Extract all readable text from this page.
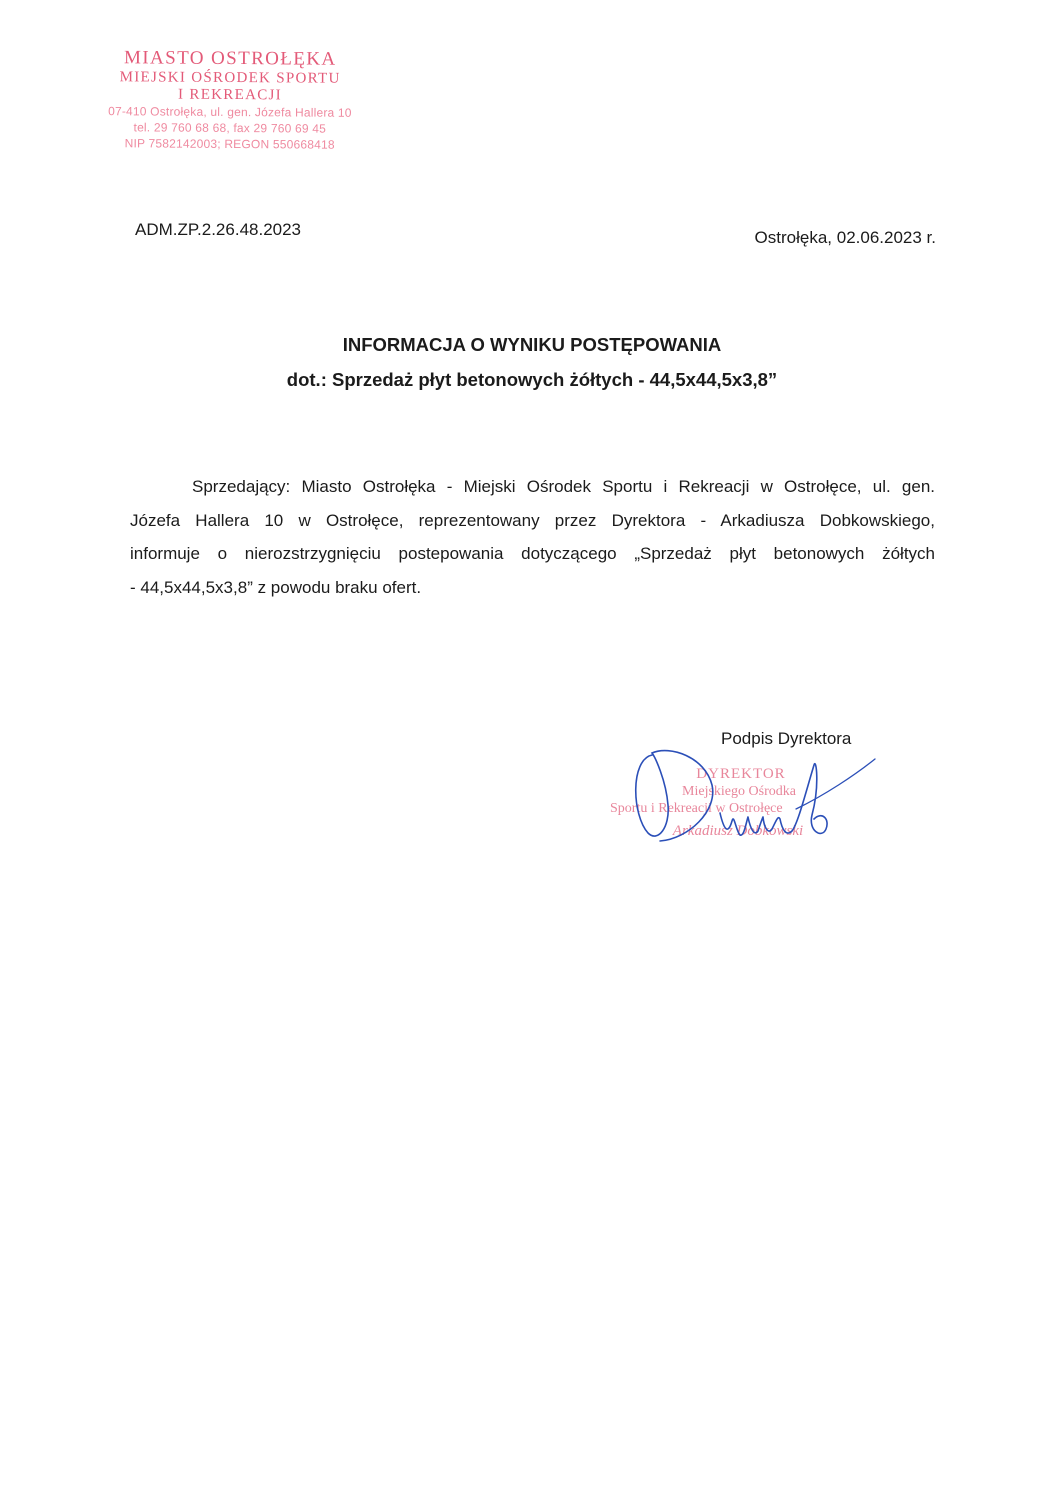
MIASTO OSTROŁĘKA
MIEJSKI OŚRODEK SPORTU
I REKREACJI
07-410 Ostrołęka, ul. gen. Józefa Hallera 10
tel. 29 760 68 68, fax 29 760 69 45
NIP 7582142003; REGON 550668418
ADM.ZP.2.26.48.2023	Ostrołęka, 02.06.2023 r.
INFORMACJA O WYNIKU POSTĘPOWANIA
dot.: Sprzedaż płyt betonowych żółtych - 44,5x44,5x3,8”
Sprzedający: Miasto Ostrołęka - Miejski Ośrodek Sportu i Rekreacji w Ostrołęce, ul. gen.
Józefa Hallera 10 w Ostrołęce, reprezentowany przez Dyrektora - Arkadiusza Dobkowskiego,
informuje o nierozstrzygnięciu postepowania dotyczącego „Sprzedaż płyt betonowych żółtych
- 44,5x44,5x3,8” z powodu braku ofert.
Podpis Dyrektora
DYREKTOR
Miejskiego Ośrodka
Sportu i Rekreacji w Ostrołęce
Arkadiusz Dobkowski
